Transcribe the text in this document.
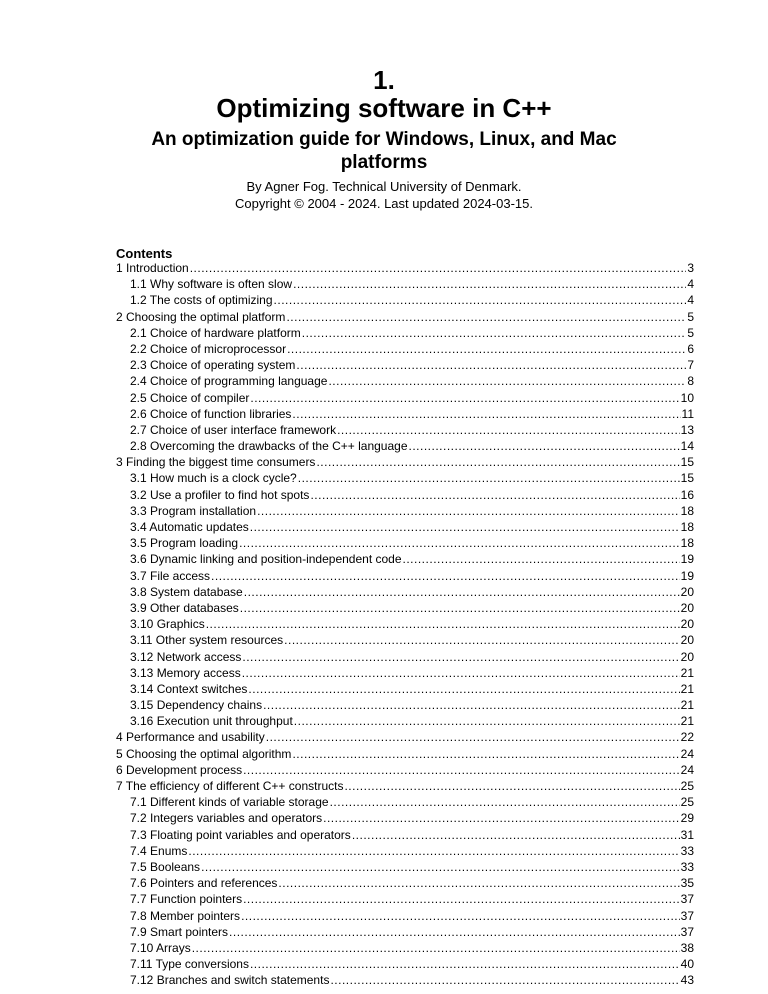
1.
Optimizing software in C++
An optimization guide for Windows, Linux, and Mac platforms
By Agner Fog. Technical University of Denmark.
Copyright © 2004 - 2024. Last updated 2024-03-15.
Contents
1 Introduction .....	3
1.1 Why software is often slow .....	4
1.2 The costs of optimizing .....	4
2 Choosing the optimal platform .....	5
2.1 Choice of hardware platform .....	5
2.2 Choice of microprocessor .....	6
2.3 Choice of operating system .....	7
2.4 Choice of programming language .....	8
2.5 Choice of compiler .....	10
2.6 Choice of function libraries .....	11
2.7 Choice of user interface framework .....	13
2.8 Overcoming the drawbacks of the C++ language .....	14
3 Finding the biggest time consumers .....	15
3.1 How much is a clock cycle? .....	15
3.2 Use a profiler to find hot spots .....	16
3.3 Program installation .....	18
3.4 Automatic updates .....	18
3.5 Program loading .....	18
3.6 Dynamic linking and position-independent code .....	19
3.7 File access .....	19
3.8 System database .....	20
3.9 Other databases .....	20
3.10 Graphics .....	20
3.11 Other system resources .....	20
3.12 Network access .....	20
3.13 Memory access .....	21
3.14 Context switches .....	21
3.15 Dependency chains .....	21
3.16 Execution unit throughput .....	21
4 Performance and usability .....	22
5 Choosing the optimal algorithm .....	24
6 Development process .....	24
7 The efficiency of different C++ constructs .....	25
7.1 Different kinds of variable storage .....	25
7.2 Integers variables and operators .....	29
7.3 Floating point variables and operators .....	31
7.4 Enums .....	33
7.5 Booleans .....	33
7.6 Pointers and references .....	35
7.7 Function pointers .....	37
7.8 Member pointers .....	37
7.9 Smart pointers .....	37
7.10 Arrays .....	38
7.11 Type conversions .....	40
7.12 Branches and switch statements .....	43
